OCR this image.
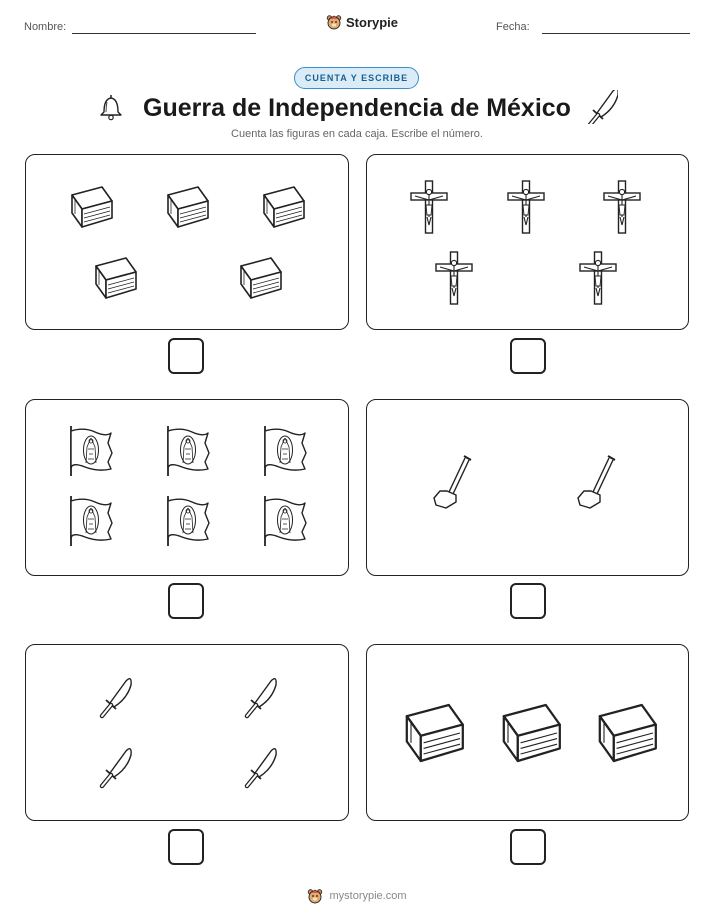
Nombre:	Storypie	Fecha:
CUENTA Y ESCRIBE
Guerra de Independencia de México
Cuenta las figuras en cada caja. Escribe el número.
mystorypie.com
